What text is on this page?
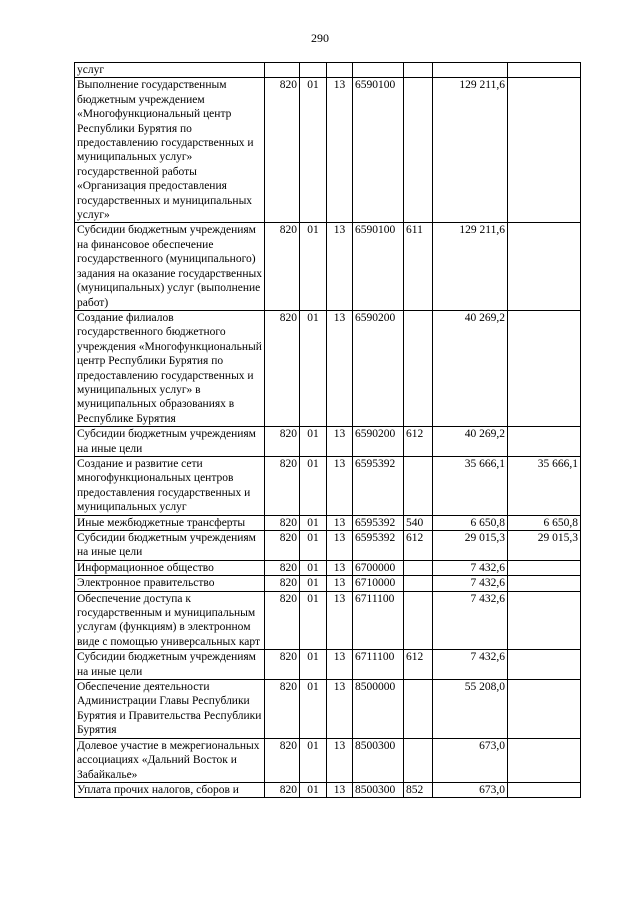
290
услуг							
Выполнение государственным бюджетным учреждением «Многофункциональный центр Республики Бурятия по предоставлению государственных и муниципальных услуг» государственной работы «Организация предоставления государственных и муниципальных услуг»	820	01	13	6590100		129 211,6	
Субсидии бюджетным учреждениям на финансовое обеспечение государственного (муниципального) задания на оказание государственных (муниципальных) услуг (выполнение работ)	820	01	13	6590100	611	129 211,6	
Создание филиалов государственного бюджетного учреждения «Многофункциональный центр Республики Бурятия по предоставлению государственных и муниципальных услуг» в муниципальных образованиях в Республике Бурятия	820	01	13	6590200		40 269,2	
Субсидии бюджетным учреждениям на иные цели	820	01	13	6590200	612	40 269,2	
Создание и развитие сети многофункциональных центров предоставления государственных и муниципальных услуг	820	01	13	6595392		35 666,1	35 666,1
Иные межбюджетные трансферты	820	01	13	6595392	540	6 650,8	6 650,8
Субсидии бюджетным учреждениям на иные цели	820	01	13	6595392	612	29 015,3	29 015,3
Информационное общество	820	01	13	6700000		7 432,6	
Электронное правительство	820	01	13	6710000		7 432,6	
Обеспечение доступа к государственным и муниципальным услугам (функциям) в электронном виде с помощью универсальных карт	820	01	13	6711100		7 432,6	
Субсидии бюджетным учреждениям на иные цели	820	01	13	6711100	612	7 432,6	
Обеспечение деятельности Администрации Главы Республики Бурятия и Правительства Республики Бурятия	820	01	13	8500000		55 208,0	
Долевое участие в межрегиональных ассоциациях «Дальний Восток и Забайкалье»	820	01	13	8500300		673,0	
Уплата прочих налогов, сборов и	820	01	13	8500300	852	673,0	
